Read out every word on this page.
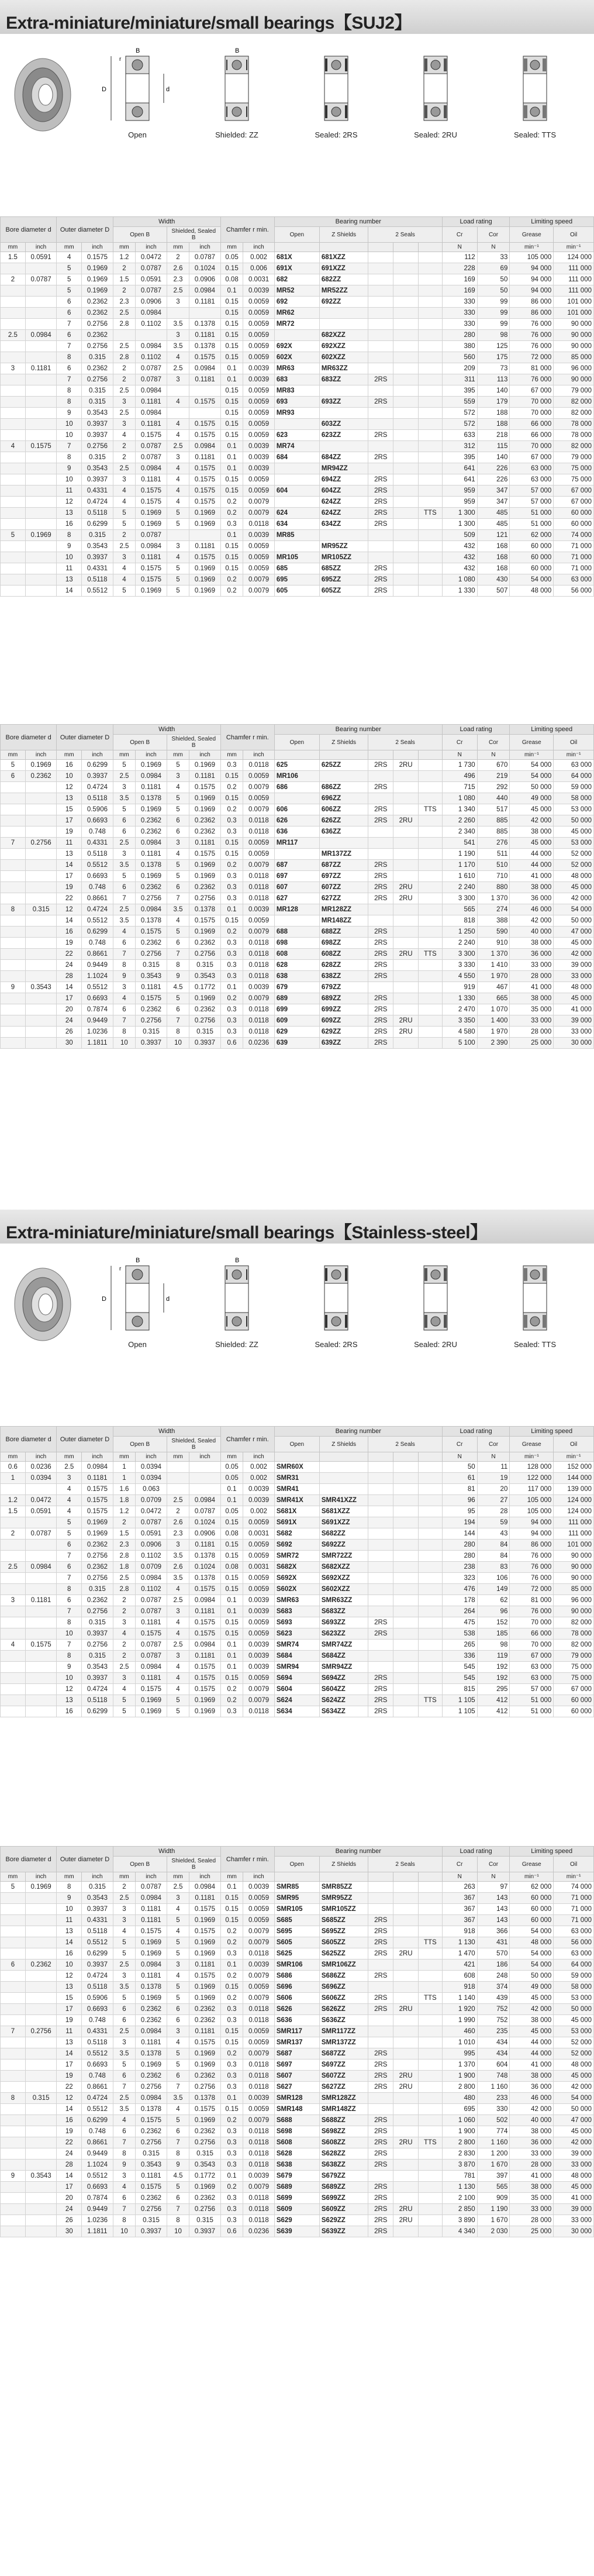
Extra-miniature/miniature/small bearings【SUJ2】
D	d
B
r
Open
B
Shielded: ZZ	Sealed: 2RS	Sealed: 2RU	Sealed: TTS
Bore diameter d		Outer diameter D		Width				Chamfer r min.		Bearing number					Load rating		Limiting speed	
				Open B		Shielded, Sealed B				Open	Z Shields	2 Seals			Cr	Cor	Grease	Oil
mm	inch	mm	inch	mm	inch	mm	inch	mm	inch						N	N	min⁻¹	min⁻¹
1.5	0.0591	4	0.1575	1.2	0.0472	2	0.0787	0.05	0.002	681X	681XZZ				112	33	105 000	124 000
		5	0.1969	2	0.0787	2.6	0.1024	0.15	0.006	691X	691XZZ				228	69	94 000	111 000
2	0.0787	5	0.1969	1.5	0.0591	2.3	0.0906	0.08	0.0031	682	682ZZ				169	50	94 000	111 000
		5	0.1969	2	0.0787	2.5	0.0984	0.1	0.0039	MR52	MR52ZZ				169	50	94 000	111 000
		6	0.2362	2.3	0.0906	3	0.1181	0.15	0.0059	692	692ZZ				330	99	86 000	101 000
		6	0.2362	2.5	0.0984			0.15	0.0059	MR62					330	99	86 000	101 000
		7	0.2756	2.8	0.1102	3.5	0.1378	0.15	0.0059	MR72					330	99	76 000	90 000
2.5	0.0984	6	0.2362			3	0.1181	0.15	0.0059		682XZZ				280	98	76 000	90 000
		7	0.2756	2.5	0.0984	3.5	0.1378	0.15	0.0059	692X	692XZZ				380	125	76 000	90 000
		8	0.315	2.8	0.1102	4	0.1575	0.15	0.0059	602X	602XZZ				560	175	72 000	85 000
3	0.1181	6	0.2362	2	0.0787	2.5	0.0984	0.1	0.0039	MR63	MR63ZZ				209	73	81 000	96 000
		7	0.2756	2	0.0787	3	0.1181	0.1	0.0039	683	683ZZ	2RS			311	113	76 000	90 000
		8	0.315	2.5	0.0984			0.15	0.0059	MR83					395	140	67 000	79 000
		8	0.315	3	0.1181	4	0.1575	0.15	0.0059	693	693ZZ	2RS			559	179	70 000	82 000
		9	0.3543	2.5	0.0984			0.15	0.0059	MR93					572	188	70 000	82 000
		10	0.3937	3	0.1181	4	0.1575	0.15	0.0059		603ZZ				572	188	66 000	78 000
		10	0.3937	4	0.1575	4	0.1575	0.15	0.0059	623	623ZZ	2RS			633	218	66 000	78 000
4	0.1575	7	0.2756	2	0.0787	2.5	0.0984	0.1	0.0039	MR74					312	115	70 000	82 000
		8	0.315	2	0.0787	3	0.1181	0.1	0.0039	684	684ZZ	2RS			395	140	67 000	79 000
		9	0.3543	2.5	0.0984	4	0.1575	0.1	0.0039		MR94ZZ				641	226	63 000	75 000
		10	0.3937	3	0.1181	4	0.1575	0.15	0.0059		694ZZ	2RS			641	226	63 000	75 000
		11	0.4331	4	0.1575	4	0.1575	0.15	0.0059	604	604ZZ	2RS			959	347	57 000	67 000
		12	0.4724	4	0.1575	4	0.1575	0.2	0.0079		624ZZ	2RS			959	347	57 000	67 000
		13	0.5118	5	0.1969	5	0.1969	0.2	0.0079	624	624ZZ	2RS		TTS	1 300	485	51 000	60 000
		16	0.6299	5	0.1969	5	0.1969	0.3	0.0118	634	634ZZ	2RS			1 300	485	51 000	60 000
5	0.1969	8	0.315	2	0.0787			0.1	0.0039	MR85					509	121	62 000	74 000
		9	0.3543	2.5	0.0984	3	0.1181	0.15	0.0059		MR95ZZ				432	168	60 000	71 000
		10	0.3937	3	0.1181	4	0.1575	0.15	0.0059	MR105	MR105ZZ				432	168	60 000	71 000
		11	0.4331	4	0.1575	5	0.1969	0.15	0.0059	685	685ZZ	2RS			432	168	60 000	71 000
		13	0.5118	4	0.1575	5	0.1969	0.2	0.0079	695	695ZZ	2RS			1 080	430	54 000	63 000
		14	0.5512	5	0.1969	5	0.1969	0.2	0.0079	605	605ZZ	2RS			1 330	507	48 000	56 000
Bore diameter d		Outer diameter D		Width				Chamfer r min.		Bearing number					Load rating		Limiting speed	
				Open B		Shielded, Sealed B				Open	Z Shields	2 Seals			Cr	Cor	Grease	Oil
mm	inch	mm	inch	mm	inch	mm	inch	mm	inch						N	N	min⁻¹	min⁻¹
5	0.1969	16	0.6299	5	0.1969	5	0.1969	0.3	0.0118	625	625ZZ	2RS	2RU		1 730	670	54 000	63 000
6	0.2362	10	0.3937	2.5	0.0984	3	0.1181	0.15	0.0059	MR106					496	219	54 000	64 000
		12	0.4724	3	0.1181	4	0.1575	0.2	0.0079	686	686ZZ	2RS			715	292	50 000	59 000
		13	0.5118	3.5	0.1378	5	0.1969	0.15	0.0059		696ZZ				1 080	440	49 000	58 000
		15	0.5906	5	0.1969	5	0.1969	0.2	0.0079	606	606ZZ	2RS		TTS	1 340	517	45 000	53 000
		17	0.6693	6	0.2362	6	0.2362	0.3	0.0118	626	626ZZ	2RS	2RU		2 260	885	42 000	50 000
		19	0.748	6	0.2362	6	0.2362	0.3	0.0118	636	636ZZ				2 340	885	38 000	45 000
7	0.2756	11	0.4331	2.5	0.0984	3	0.1181	0.15	0.0059	MR117					541	276	45 000	53 000
		13	0.5118	3	0.1181	4	0.1575	0.15	0.0059		MR137ZZ				1 190	511	44 000	52 000
		14	0.5512	3.5	0.1378	5	0.1969	0.2	0.0079	687	687ZZ	2RS			1 170	510	44 000	52 000
		17	0.6693	5	0.1969	5	0.1969	0.3	0.0118	697	697ZZ	2RS			1 610	710	41 000	48 000
		19	0.748	6	0.2362	6	0.2362	0.3	0.0118	607	607ZZ	2RS	2RU		2 240	880	38 000	45 000
		22	0.8661	7	0.2756	7	0.2756	0.3	0.0118	627	627ZZ	2RS	2RU		3 300	1 370	36 000	42 000
8	0.315	12	0.4724	2.5	0.0984	3.5	0.1378	0.1	0.0039	MR128	MR128ZZ				565	274	46 000	54 000
		14	0.5512	3.5	0.1378	4	0.1575	0.15	0.0059		MR148ZZ				818	388	42 000	50 000
		16	0.6299	4	0.1575	5	0.1969	0.2	0.0079	688	688ZZ	2RS			1 250	590	40 000	47 000
		19	0.748	6	0.2362	6	0.2362	0.3	0.0118	698	698ZZ	2RS			2 240	910	38 000	45 000
		22	0.8661	7	0.2756	7	0.2756	0.3	0.0118	608	608ZZ	2RS	2RU	TTS	3 300	1 370	36 000	42 000
		24	0.9449	8	0.315	8	0.315	0.3	0.0118	628	628ZZ	2RS			3 330	1 410	33 000	39 000
		28	1.1024	9	0.3543	9	0.3543	0.3	0.0118	638	638ZZ	2RS			4 550	1 970	28 000	33 000
9	0.3543	14	0.5512	3	0.1181	4.5	0.1772	0.1	0.0039	679	679ZZ				919	467	41 000	48 000
		17	0.6693	4	0.1575	5	0.1969	0.2	0.0079	689	689ZZ	2RS			1 330	665	38 000	45 000
		20	0.7874	6	0.2362	6	0.2362	0.3	0.0118	699	699ZZ	2RS			2 470	1 070	35 000	41 000
		24	0.9449	7	0.2756	7	0.2756	0.3	0.0118	609	609ZZ	2RS	2RU		3 350	1 400	33 000	39 000
		26	1.0236	8	0.315	8	0.315	0.3	0.0118	629	629ZZ	2RS	2RU		4 580	1 970	28 000	33 000
		30	1.1811	10	0.3937	10	0.3937	0.6	0.0236	639	639ZZ	2RS			5 100	2 390	25 000	30 000
Extra-miniature/miniature/small bearings【Stainless-steel】
D	d
B
r
Open
B
Shielded: ZZ	Sealed: 2RS	Sealed: 2RU	Sealed: TTS
Bore diameter d		Outer diameter D		Width				Chamfer r min.		Bearing number					Load rating		Limiting speed	
				Open B		Shielded, Sealed B				Open	Z Shields	2 Seals			Cr	Cor	Grease	Oil
mm	inch	mm	inch	mm	inch	mm	inch	mm	inch						N	N	min⁻¹	min⁻¹
0.6	0.0236	2.5	0.0984	1	0.0394			0.05	0.002	SMR60X					50	11	128 000	152 000
1	0.0394	3	0.1181	1	0.0394			0.05	0.002	SMR31					61	19	122 000	144 000
		4	0.1575	1.6	0.063			0.1	0.0039	SMR41					81	20	117 000	139 000
1.2	0.0472	4	0.1575	1.8	0.0709	2.5	0.0984	0.1	0.0039	SMR41X	SMR41XZZ				96	27	105 000	124 000
1.5	0.0591	4	0.1575	1.2	0.0472	2	0.0787	0.05	0.002	S681X	S681XZZ				95	28	105 000	124 000
		5	0.1969	2	0.0787	2.6	0.1024	0.15	0.0059	S691X	S691XZZ				194	59	94 000	111 000
2	0.0787	5	0.1969	1.5	0.0591	2.3	0.0906	0.08	0.0031	S682	S682ZZ				144	43	94 000	111 000
		6	0.2362	2.3	0.0906	3	0.1181	0.15	0.0059	S692	S692ZZ				280	84	86 000	101 000
		7	0.2756	2.8	0.1102	3.5	0.1378	0.15	0.0059	SMR72	SMR72ZZ				280	84	76 000	90 000
2.5	0.0984	6	0.2362	1.8	0.0709	2.6	0.1024	0.08	0.0031	S682X	S682XZZ				238	83	76 000	90 000
		7	0.2756	2.5	0.0984	3.5	0.1378	0.15	0.0059	S692X	S692XZZ				323	106	76 000	90 000
		8	0.315	2.8	0.1102	4	0.1575	0.15	0.0059	S602X	S602XZZ				476	149	72 000	85 000
3	0.1181	6	0.2362	2	0.0787	2.5	0.0984	0.1	0.0039	SMR63	SMR63ZZ				178	62	81 000	96 000
		7	0.2756	2	0.0787	3	0.1181	0.1	0.0039	S683	S683ZZ				264	96	76 000	90 000
		8	0.315	3	0.1181	4	0.1575	0.15	0.0059	S693	S693ZZ	2RS			475	152	70 000	82 000
		10	0.3937	4	0.1575	4	0.1575	0.15	0.0059	S623	S623ZZ	2RS			538	185	66 000	78 000
4	0.1575	7	0.2756	2	0.0787	2.5	0.0984	0.1	0.0039	SMR74	SMR74ZZ				265	98	70 000	82 000
		8	0.315	2	0.0787	3	0.1181	0.1	0.0039	S684	S684ZZ				336	119	67 000	79 000
		9	0.3543	2.5	0.0984	4	0.1575	0.1	0.0039	SMR94	SMR94ZZ				545	192	63 000	75 000
		10	0.3937	3	0.1181	4	0.1575	0.15	0.0059	S694	S694ZZ	2RS			545	192	63 000	75 000
		12	0.4724	4	0.1575	4	0.1575	0.2	0.0079	S604	S604ZZ	2RS			815	295	57 000	67 000
		13	0.5118	5	0.1969	5	0.1969	0.2	0.0079	S624	S624ZZ	2RS		TTS	1 105	412	51 000	60 000
		16	0.6299	5	0.1969	5	0.1969	0.3	0.0118	S634	S634ZZ	2RS			1 105	412	51 000	60 000
Bore diameter d		Outer diameter D		Width				Chamfer r min.		Bearing number					Load rating		Limiting speed	
				Open B		Shielded, Sealed B				Open	Z Shields	2 Seals			Cr	Cor	Grease	Oil
mm	inch	mm	inch	mm	inch	mm	inch	mm	inch						N	N	min⁻¹	min⁻¹
5	0.1969	8	0.315	2	0.0787	2.5	0.0984	0.1	0.0039	SMR85	SMR85ZZ				263	97	62 000	74 000
		9	0.3543	2.5	0.0984	3	0.1181	0.15	0.0059	SMR95	SMR95ZZ				367	143	60 000	71 000
		10	0.3937	3	0.1181	4	0.1575	0.15	0.0059	SMR105	SMR105ZZ				367	143	60 000	71 000
		11	0.4331	3	0.1181	5	0.1969	0.15	0.0059	S685	S685ZZ	2RS			367	143	60 000	71 000
		13	0.5118	4	0.1575	4	0.1575	0.2	0.0079	S695	S695ZZ	2RS			918	366	54 000	63 000
		14	0.5512	5	0.1969	5	0.1969	0.2	0.0079	S605	S605ZZ	2RS		TTS	1 130	431	48 000	56 000
		16	0.6299	5	0.1969	5	0.1969	0.3	0.0118	S625	S625ZZ	2RS	2RU		1 470	570	54 000	63 000
6	0.2362	10	0.3937	2.5	0.0984	3	0.1181	0.1	0.0039	SMR106	SMR106ZZ				421	186	54 000	64 000
		12	0.4724	3	0.1181	4	0.1575	0.2	0.0079	S686	S686ZZ	2RS			608	248	50 000	59 000
		13	0.5118	3.5	0.1378	5	0.1969	0.15	0.0059	S696	S696ZZ				918	374	49 000	58 000
		15	0.5906	5	0.1969	5	0.1969	0.2	0.0079	S606	S606ZZ	2RS		TTS	1 140	439	45 000	53 000
		17	0.6693	6	0.2362	6	0.2362	0.3	0.0118	S626	S626ZZ	2RS	2RU		1 920	752	42 000	50 000
		19	0.748	6	0.2362	6	0.2362	0.3	0.0118	S636	S636ZZ				1 990	752	38 000	45 000
7	0.2756	11	0.4331	2.5	0.0984	3	0.1181	0.15	0.0059	SMR117	SMR117ZZ				460	235	45 000	53 000
		13	0.5118	3	0.1181	4	0.1575	0.15	0.0059	SMR137	SMR137ZZ				1 010	434	44 000	52 000
		14	0.5512	3.5	0.1378	5	0.1969	0.2	0.0079	S687	S687ZZ	2RS			995	434	44 000	52 000
		17	0.6693	5	0.1969	5	0.1969	0.3	0.0118	S697	S697ZZ	2RS			1 370	604	41 000	48 000
		19	0.748	6	0.2362	6	0.2362	0.3	0.0118	S607	S607ZZ	2RS	2RU		1 900	748	38 000	45 000
		22	0.8661	7	0.2756	7	0.2756	0.3	0.0118	S627	S627ZZ	2RS	2RU		2 800	1 160	36 000	42 000
8	0.315	12	0.4724	2.5	0.0984	3.5	0.1378	0.1	0.0039	SMR128	SMR128ZZ				480	233	46 000	54 000
		14	0.5512	3.5	0.1378	4	0.1575	0.15	0.0059	SMR148	SMR148ZZ				695	330	42 000	50 000
		16	0.6299	4	0.1575	5	0.1969	0.2	0.0079	S688	S688ZZ	2RS			1 060	502	40 000	47 000
		19	0.748	6	0.2362	6	0.2362	0.3	0.0118	S698	S698ZZ	2RS			1 900	774	38 000	45 000
		22	0.8661	7	0.2756	7	0.2756	0.3	0.0118	S608	S608ZZ	2RS	2RU	TTS	2 800	1 160	36 000	42 000
		24	0.9449	8	0.315	8	0.315	0.3	0.0118	S628	S628ZZ	2RS			2 830	1 200	33 000	39 000
		28	1.1024	9	0.3543	9	0.3543	0.3	0.0118	S638	S638ZZ	2RS			3 870	1 670	28 000	33 000
9	0.3543	14	0.5512	3	0.1181	4.5	0.1772	0.1	0.0039	S679	S679ZZ				781	397	41 000	48 000
		17	0.6693	4	0.1575	5	0.1969	0.2	0.0079	S689	S689ZZ	2RS			1 130	565	38 000	45 000
		20	0.7874	6	0.2362	6	0.2362	0.3	0.0118	S699	S699ZZ	2RS			2 100	909	35 000	41 000
		24	0.9449	7	0.2756	7	0.2756	0.3	0.0118	S609	S609ZZ	2RS	2RU		2 850	1 190	33 000	39 000
		26	1.0236	8	0.315	8	0.315	0.3	0.0118	S629	S629ZZ	2RS	2RU		3 890	1 670	28 000	33 000
		30	1.1811	10	0.3937	10	0.3937	0.6	0.0236	S639	S639ZZ	2RS			4 340	2 030	25 000	30 000
